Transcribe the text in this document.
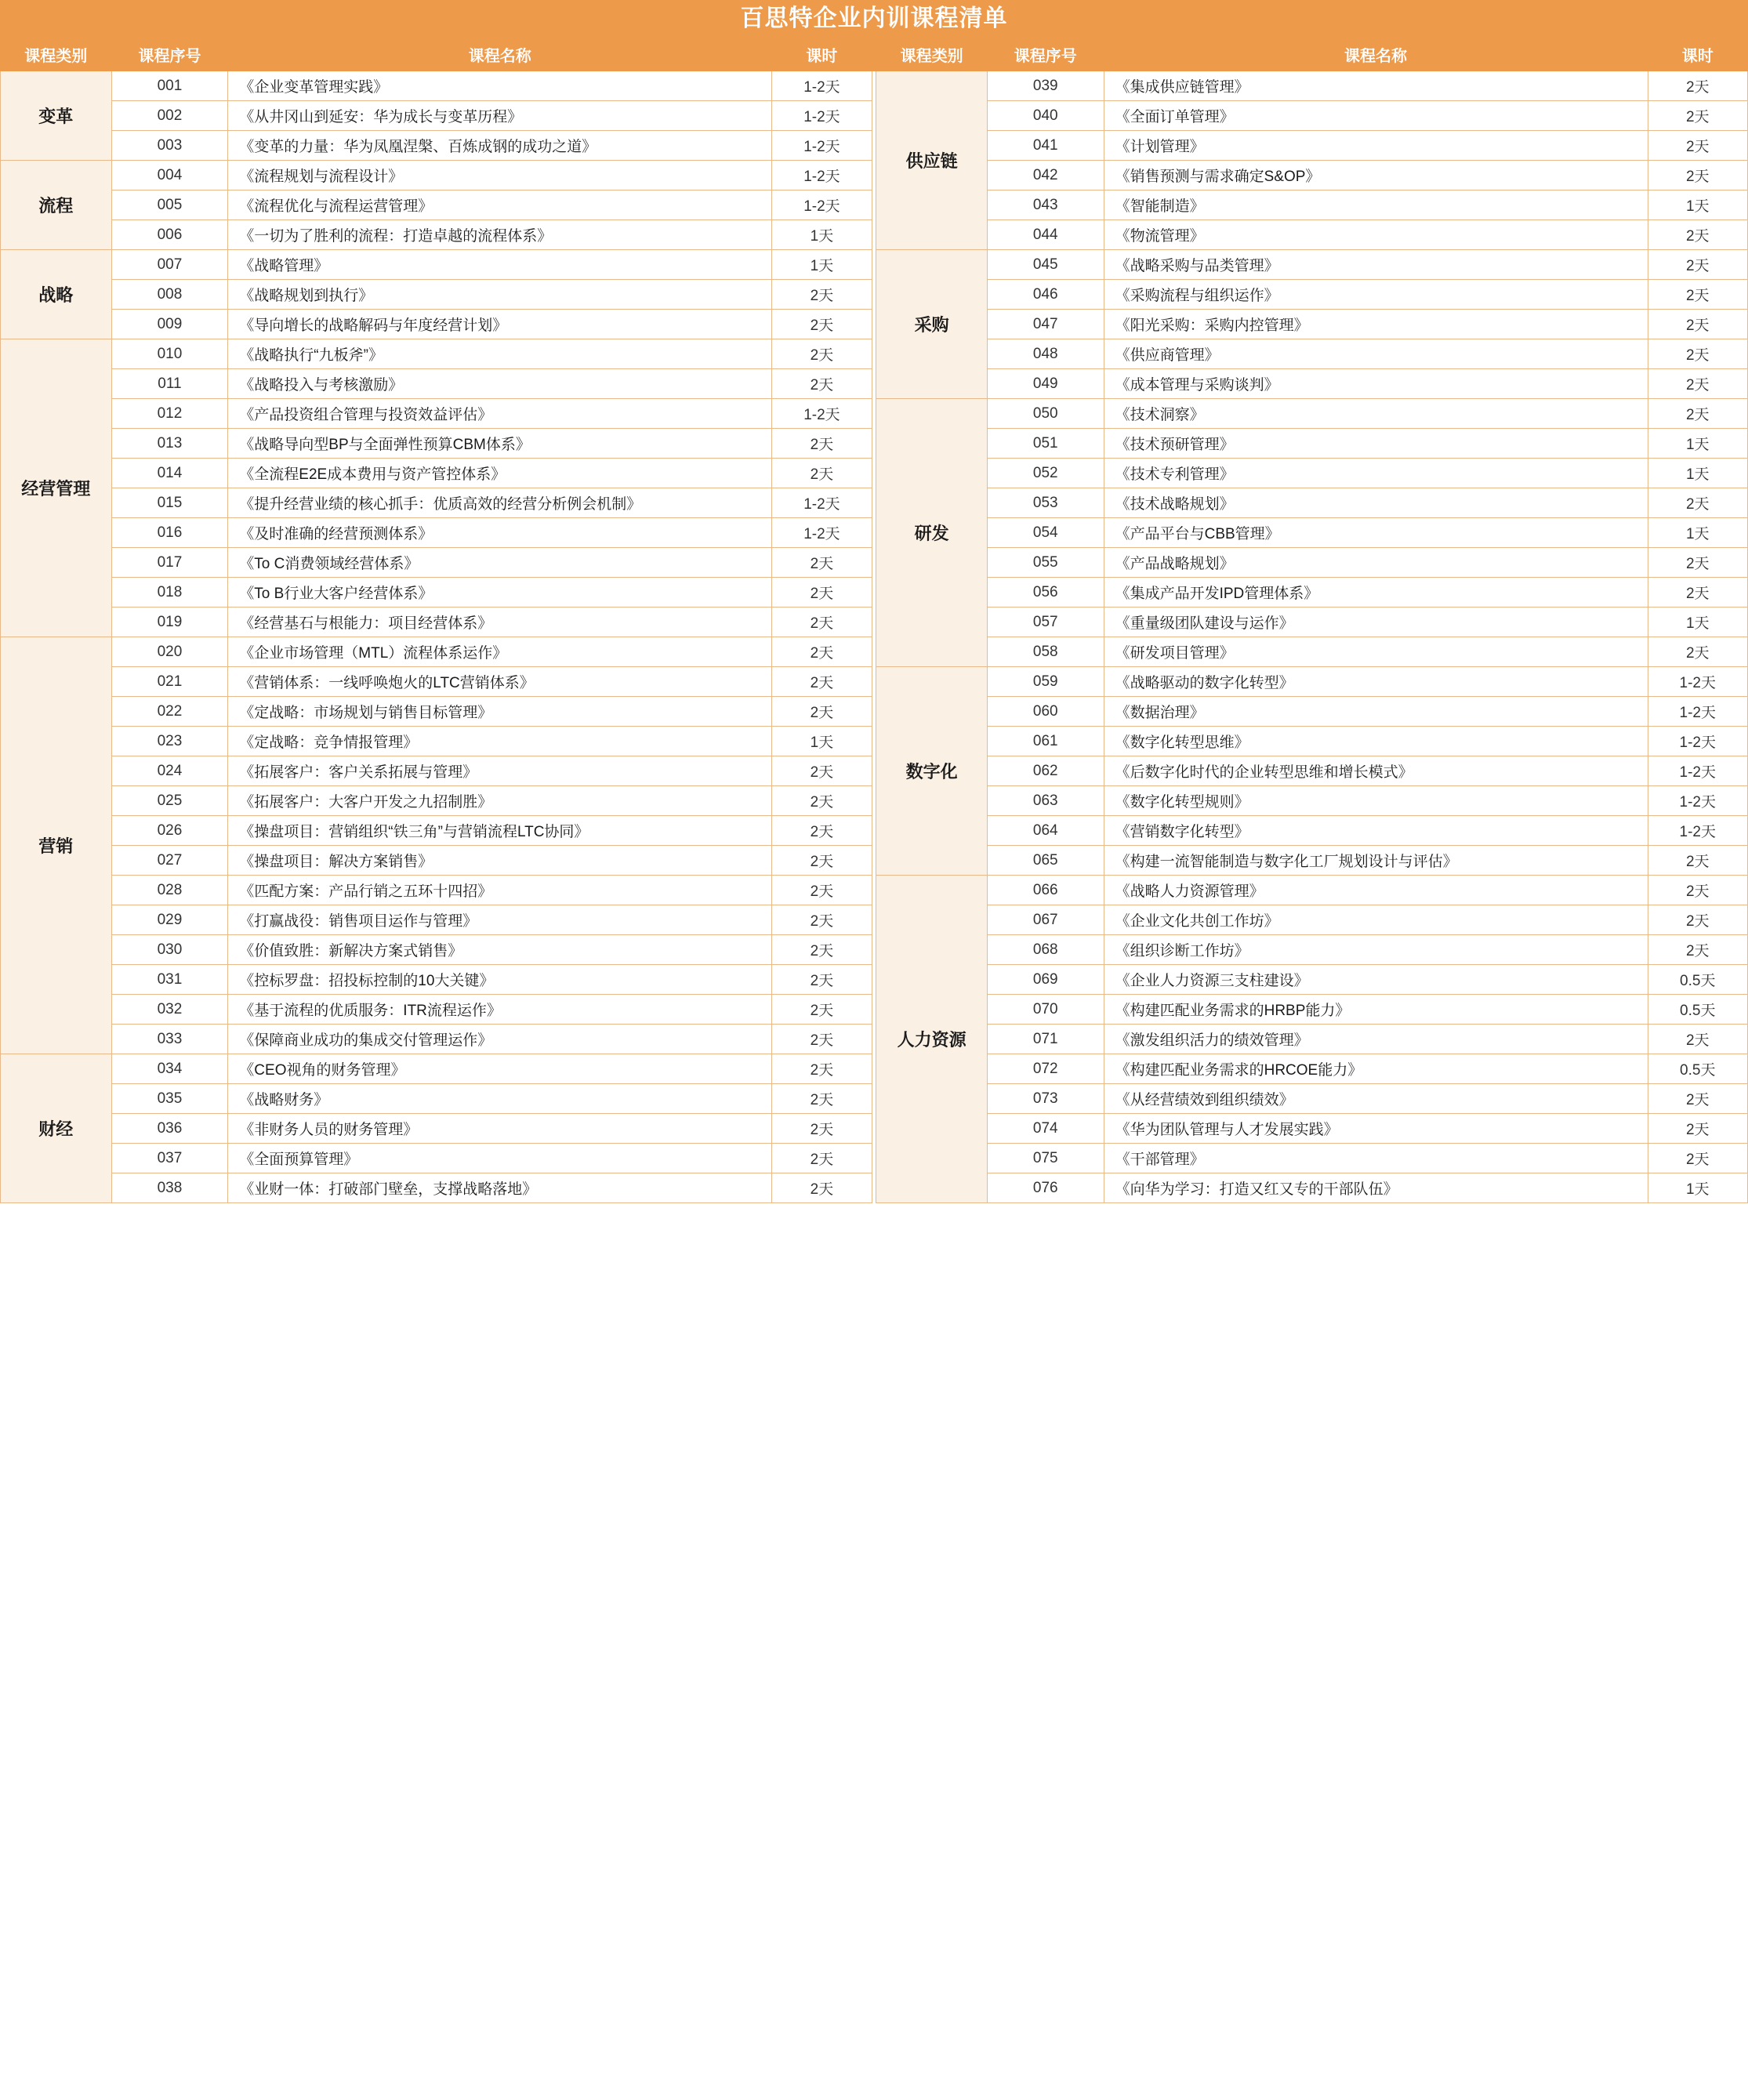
百思特企业内训课程清单
课程类别	课程序号	课程名称	课时		课程类别	课程序号	课程名称	课时
变革	001	《企业变革管理实践》	1-2天		供应链	039	《集成供应链管理》	2天
	002	《从井冈山到延安：华为成长与变革历程》	1-2天			040	《全面订单管理》	2天
	003	《变革的力量：华为凤凰涅槃、百炼成钢的成功之道》	1-2天			041	《计划管理》	2天
流程	004	《流程规划与流程设计》	1-2天			042	《销售预测与需求确定S&OP》	2天
	005	《流程优化与流程运营管理》	1-2天			043	《智能制造》	1天
	006	《一切为了胜利的流程：打造卓越的流程体系》	1天			044	《物流管理》	2天
战略	007	《战略管理》	1天		采购	045	《战略采购与品类管理》	2天
	008	《战略规划到执行》	2天			046	《采购流程与组织运作》	2天
	009	《导向增长的战略解码与年度经营计划》	2天			047	《阳光采购：采购内控管理》	2天
经营管理	010	《战略执行“九板斧”》	2天			048	《供应商管理》	2天
	011	《战略投入与考核激励》	2天			049	《成本管理与采购谈判》	2天
	012	《产品投资组合管理与投资效益评估》	1-2天		研发	050	《技术洞察》	2天
	013	《战略导向型BP与全面弹性预算CBM体系》	2天			051	《技术预研管理》	1天
	014	《全流程E2E成本费用与资产管控体系》	2天			052	《技术专利管理》	1天
	015	《提升经营业绩的核心抓手：优质高效的经营分析例会机制》	1-2天			053	《技术战略规划》	2天
	016	《及时准确的经营预测体系》	1-2天			054	《产品平台与CBB管理》	1天
	017	《To C消费领域经营体系》	2天			055	《产品战略规划》	2天
	018	《To B行业大客户经营体系》	2天			056	《集成产品开发IPD管理体系》	2天
	019	《经营基石与根能力：项目经营体系》	2天			057	《重量级团队建设与运作》	1天
营销	020	《企业市场管理（MTL）流程体系运作》	2天			058	《研发项目管理》	2天
	021	《营销体系：一线呼唤炮火的LTC营销体系》	2天		数字化	059	《战略驱动的数字化转型》	1-2天
	022	《定战略：市场规划与销售目标管理》	2天			060	《数据治理》	1-2天
	023	《定战略：竞争情报管理》	1天			061	《数字化转型思维》	1-2天
	024	《拓展客户：客户关系拓展与管理》	2天			062	《后数字化时代的企业转型思维和增长模式》	1-2天
	025	《拓展客户：大客户开发之九招制胜》	2天			063	《数字化转型规则》	1-2天
	026	《操盘项目：营销组织“铁三角”与营销流程LTC协同》	2天			064	《营销数字化转型》	1-2天
	027	《操盘项目：解决方案销售》	2天			065	《构建一流智能制造与数字化工厂规划设计与评估》	2天
	028	《匹配方案：产品行销之五环十四招》	2天		人力资源	066	《战略人力资源管理》	2天
	029	《打赢战役：销售项目运作与管理》	2天			067	《企业文化共创工作坊》	2天
	030	《价值致胜：新解决方案式销售》	2天			068	《组织诊断工作坊》	2天
	031	《控标罗盘：招投标控制的10大关键》	2天			069	《企业人力资源三支柱建设》	0.5天
	032	《基于流程的优质服务：ITR流程运作》	2天			070	《构建匹配业务需求的HRBP能力》	0.5天
	033	《保障商业成功的集成交付管理运作》	2天			071	《激发组织活力的绩效管理》	2天
财经	034	《CEO视角的财务管理》	2天			072	《构建匹配业务需求的HRCOE能力》	0.5天
	035	《战略财务》	2天			073	《从经营绩效到组织绩效》	2天
	036	《非财务人员的财务管理》	2天			074	《华为团队管理与人才发展实践》	2天
	037	《全面预算管理》	2天			075	《干部管理》	2天
	038	《业财一体：打破部门壁垒，支撑战略落地》	2天			076	《向华为学习：打造又红又专的干部队伍》	1天
